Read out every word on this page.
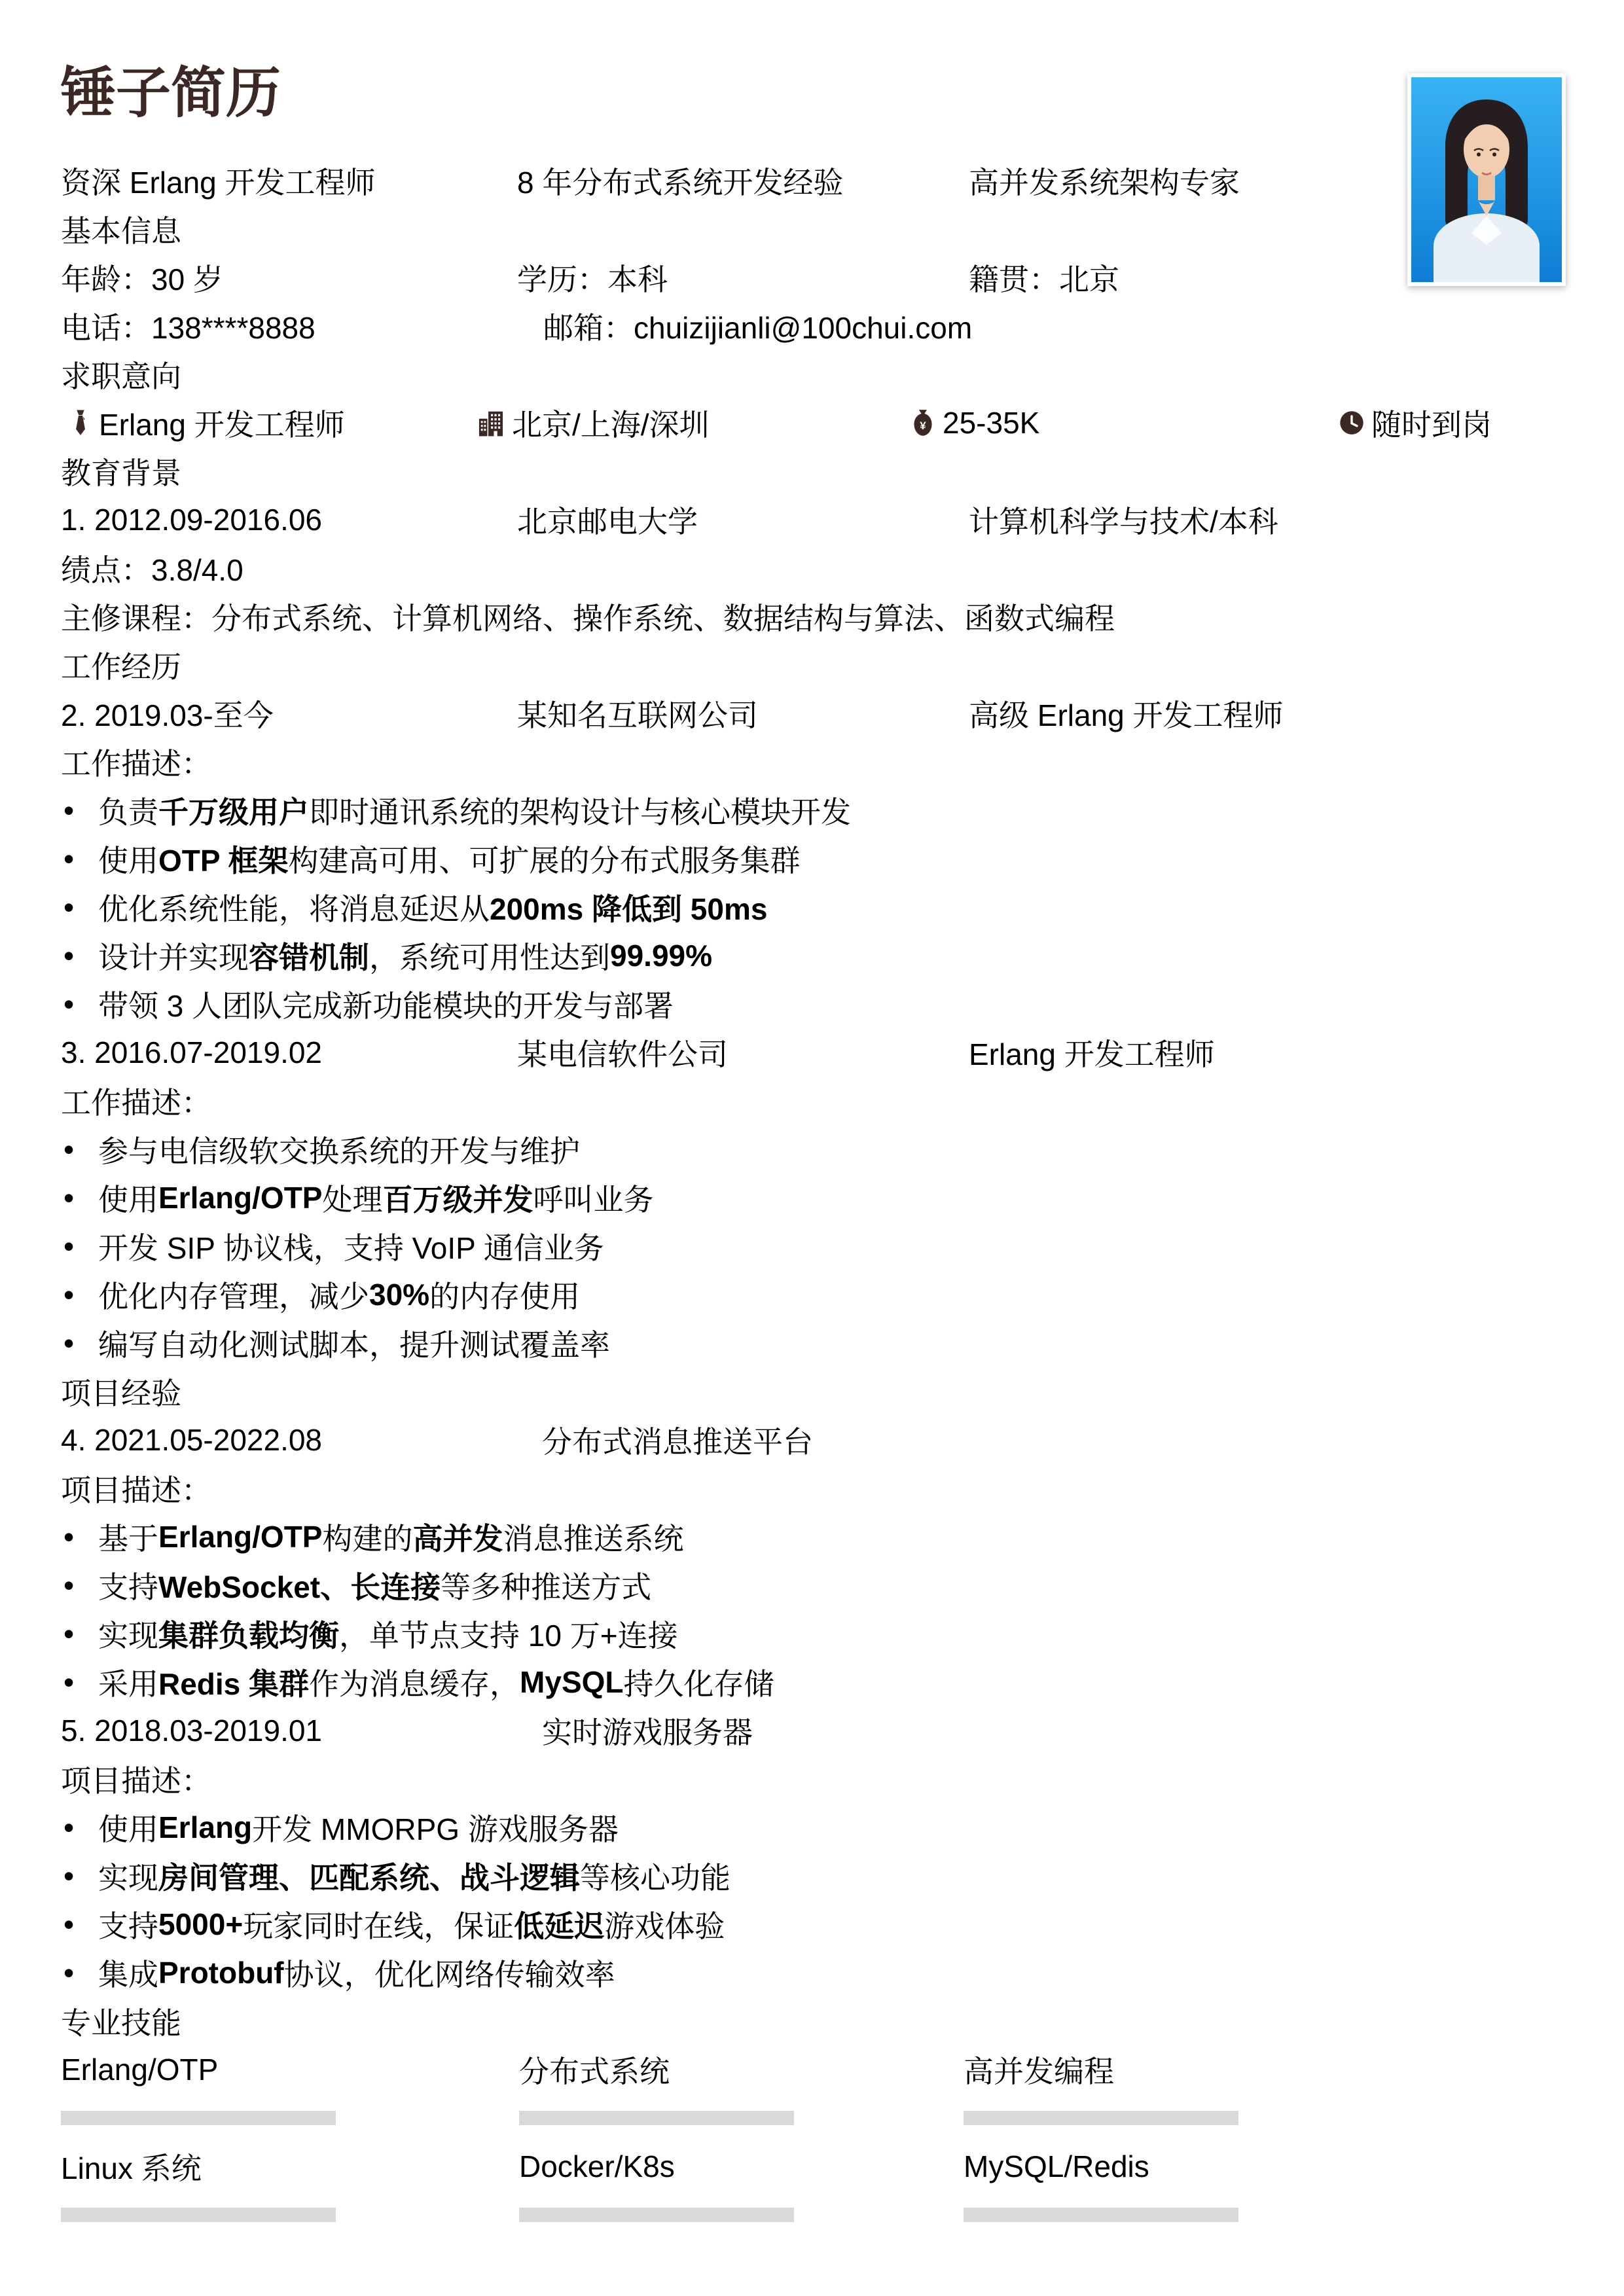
锤子简历
资深 Erlang 开发工程师	8 年分布式系统开发经验	高并发系统架构专家
基本信息
年龄：30 岁	学历：本科	籍贯：北京
电话：138****8888	邮箱：chuizijianli@100chui.com
求职意向
Erlang 开发工程师	北京/上海/深圳	¥ 25-35K	随时到岗
教育背景
1. 2012.09-2016.06	北京邮电大学	计算机科学与技术/本科
绩点：3.8/4.0
主修课程：分布式系统、计算机网络、操作系统、数据结构与算法、函数式编程
工作经历
2. 2019.03-至今	某知名互联网公司	高级 Erlang 开发工程师
工作描述：
• 负责 千万级用户 即时通讯系统的架构设计与核心模块开发
• 使用 OTP 框架 构建高可用、可扩展的分布式服务集群
• 优化系统性能，将消息延迟从 200ms 降低到 50ms
• 设计并实现 容错机制 ，系统可用性达到 99.99%
• 带领 3 人团队完成新功能模块的开发与部署
3. 2016.07-2019.02	某电信软件公司	Erlang 开发工程师
工作描述：
• 参与电信级软交换系统的开发与维护
• 使用 Erlang/OTP 处理 百万级并发 呼叫业务
• 开发 SIP 协议栈，支持 VoIP 通信业务
• 优化内存管理，减少 30% 的内存使用
• 编写自动化测试脚本，提升测试覆盖率
项目经验
4. 2021.05-2022.08	分布式消息推送平台
项目描述：
• 基于 Erlang/OTP 构建的 高并发 消息推送系统
• 支持 WebSocket、长连接 等多种推送方式
• 实现 集群负载均衡 ，单节点支持 10 万+连接
• 采用 Redis 集群 作为消息缓存， MySQL 持久化存储
5. 2018.03-2019.01	实时游戏服务器
项目描述：
• 使用 Erlang 开发 MMORPG 游戏服务器
• 实现 房间管理、匹配系统、战斗逻辑 等核心功能
• 支持 5000+ 玩家同时在线，保证 低延迟 游戏体验
• 集成 Protobuf 协议，优化网络传输效率
专业技能
Erlang/OTP	分布式系统	高并发编程
Linux 系统	Docker/K8s	MySQL/Redis
